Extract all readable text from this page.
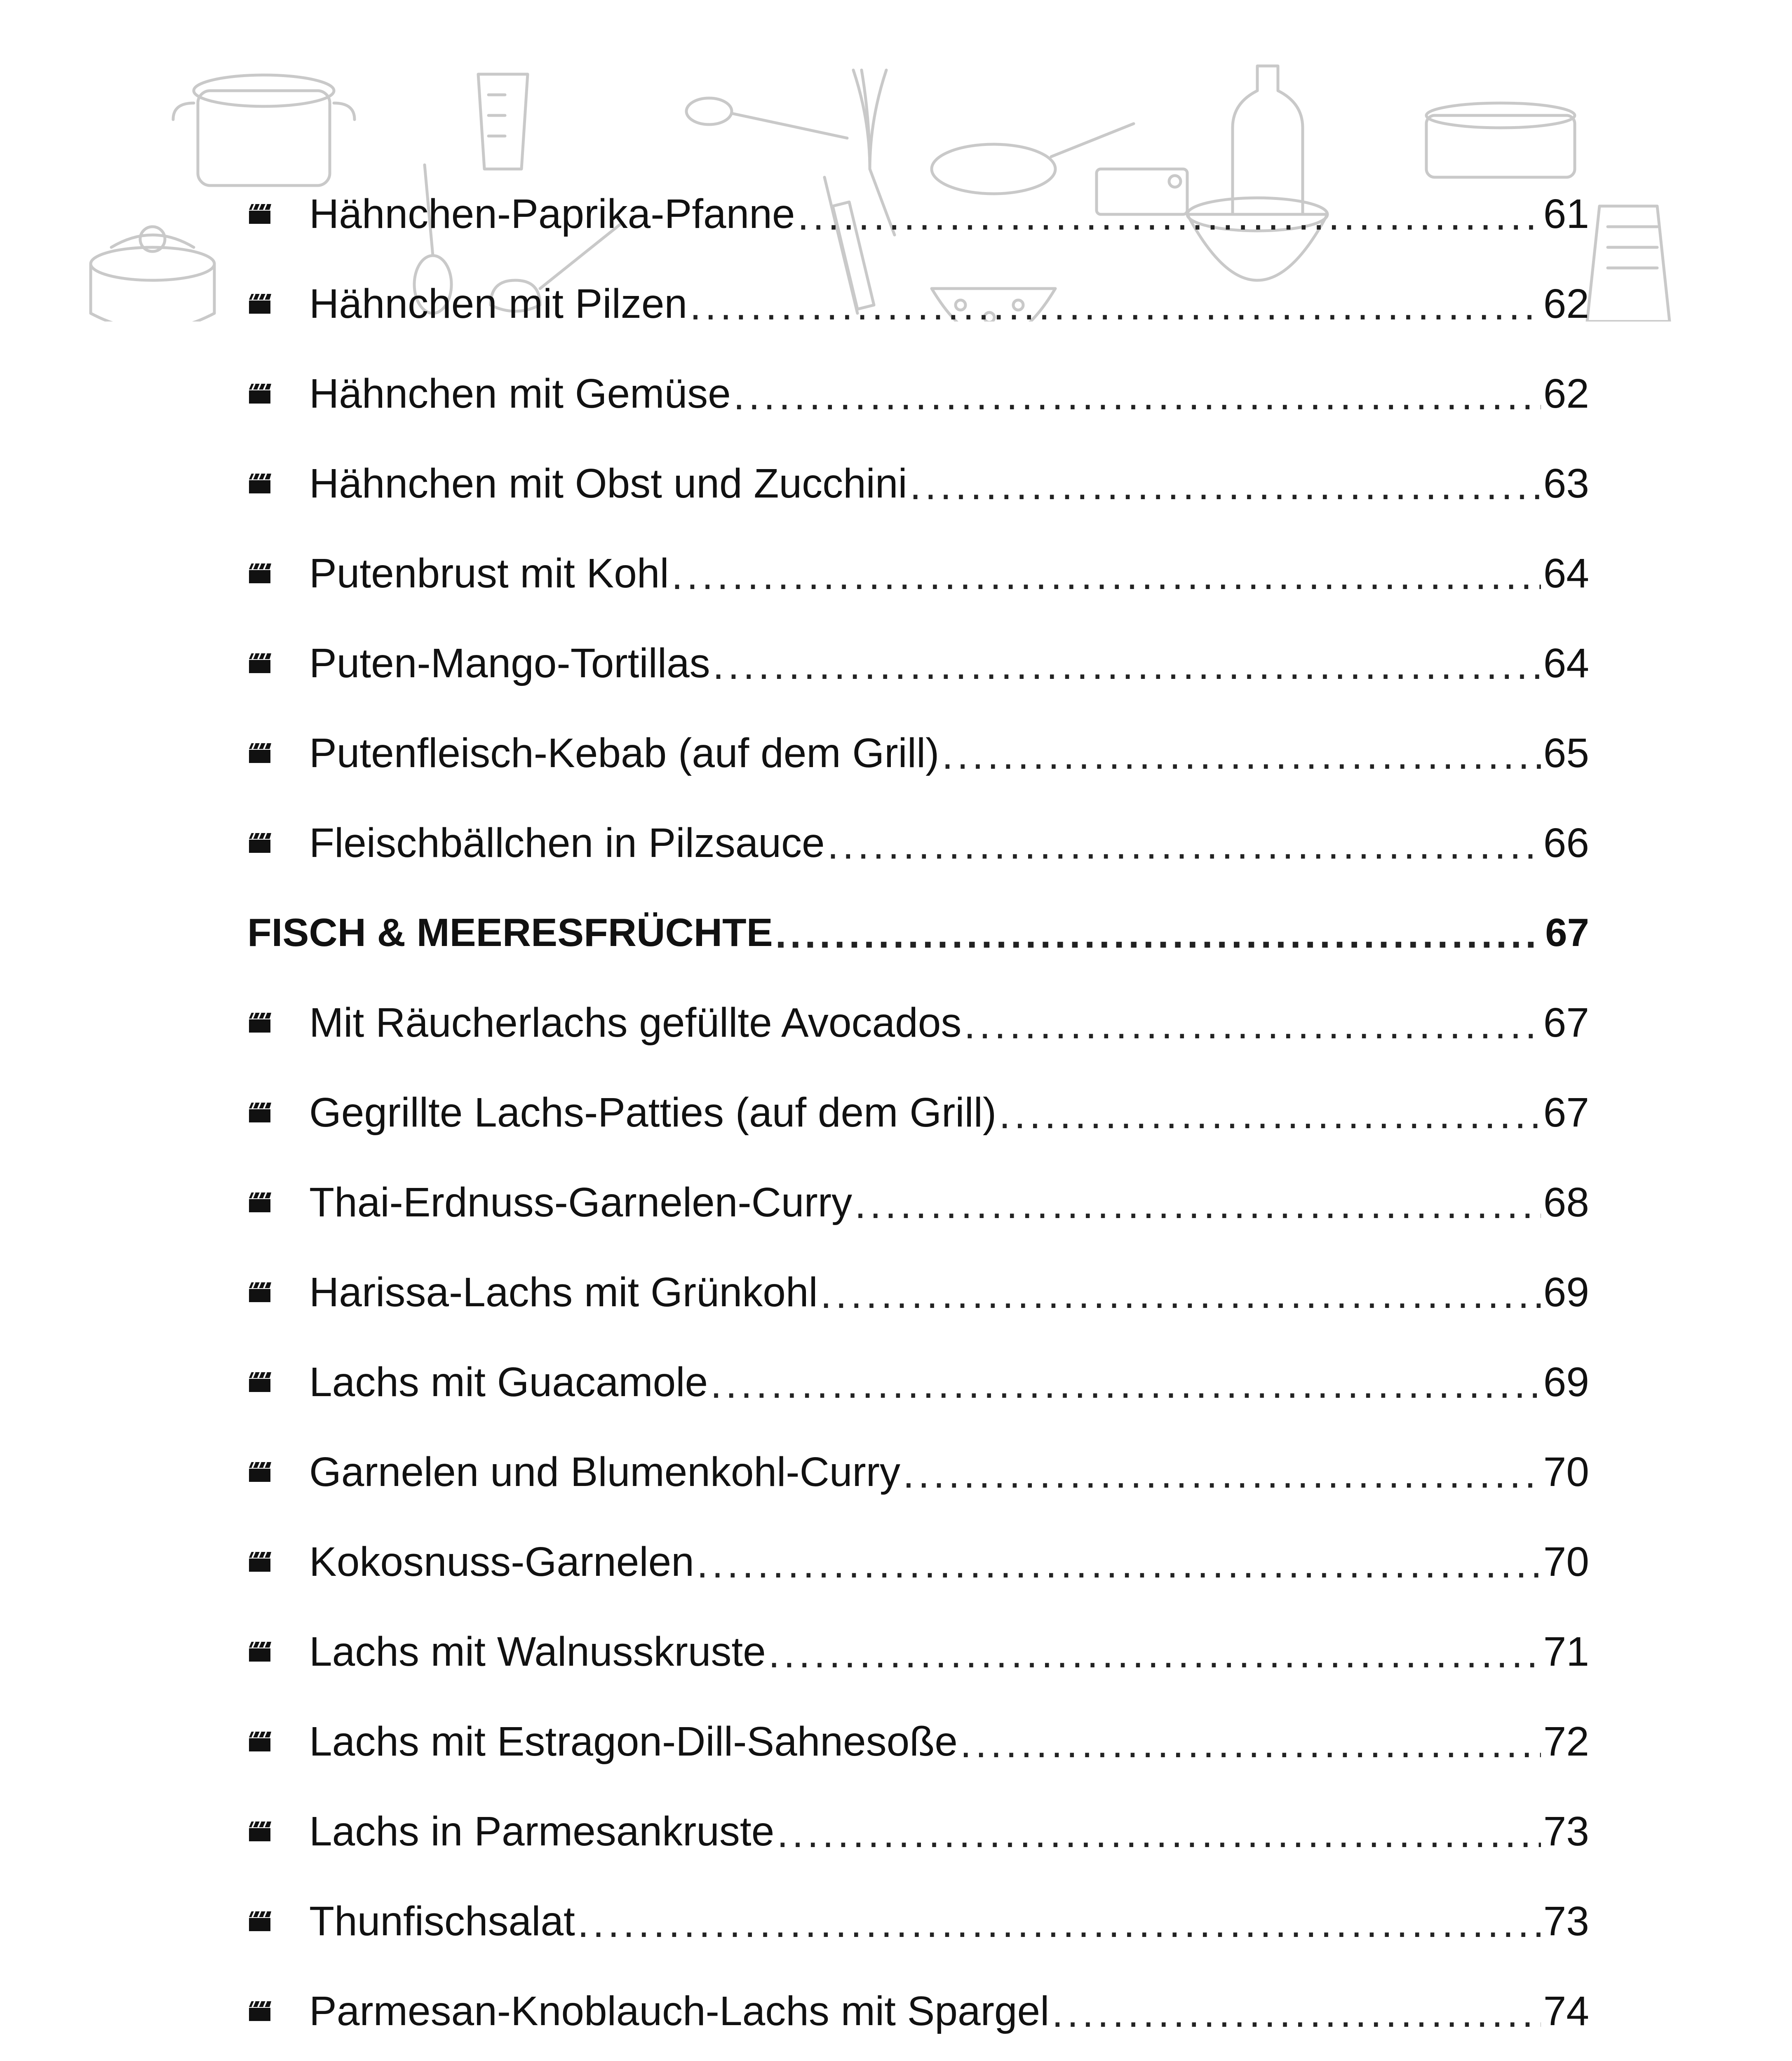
Hähnchen-Paprika-Pfanne .....	61
Hähnchen mit Pilzen .....	62
Hähnchen mit Gemüse .....	62
Hähnchen mit Obst und Zucchini .....	63
Putenbrust mit Kohl .....	64
Puten-Mango-Tortillas .....	64
Putenfleisch-Kebab (auf dem Grill) .....	65
Fleischbällchen in Pilzsauce .....	66
FISCH & MEERESFRÜCHTE .....	67
Mit Räucherlachs gefüllte Avocados .....	67
Gegrillte Lachs-Patties (auf dem Grill) .....	67
Thai-Erdnuss-Garnelen-Curry .....	68
Harissa-Lachs mit Grünkohl .....	69
Lachs mit Guacamole .....	69
Garnelen und Blumenkohl-Curry .....	70
Kokosnuss-Garnelen .....	70
Lachs mit Walnusskruste .....	71
Lachs mit Estragon-Dill-Sahnesoße .....	72
Lachs in Parmesankruste .....	73
Thunfischsalat .....	73
Parmesan-Knoblauch-Lachs mit Spargel .....	74
